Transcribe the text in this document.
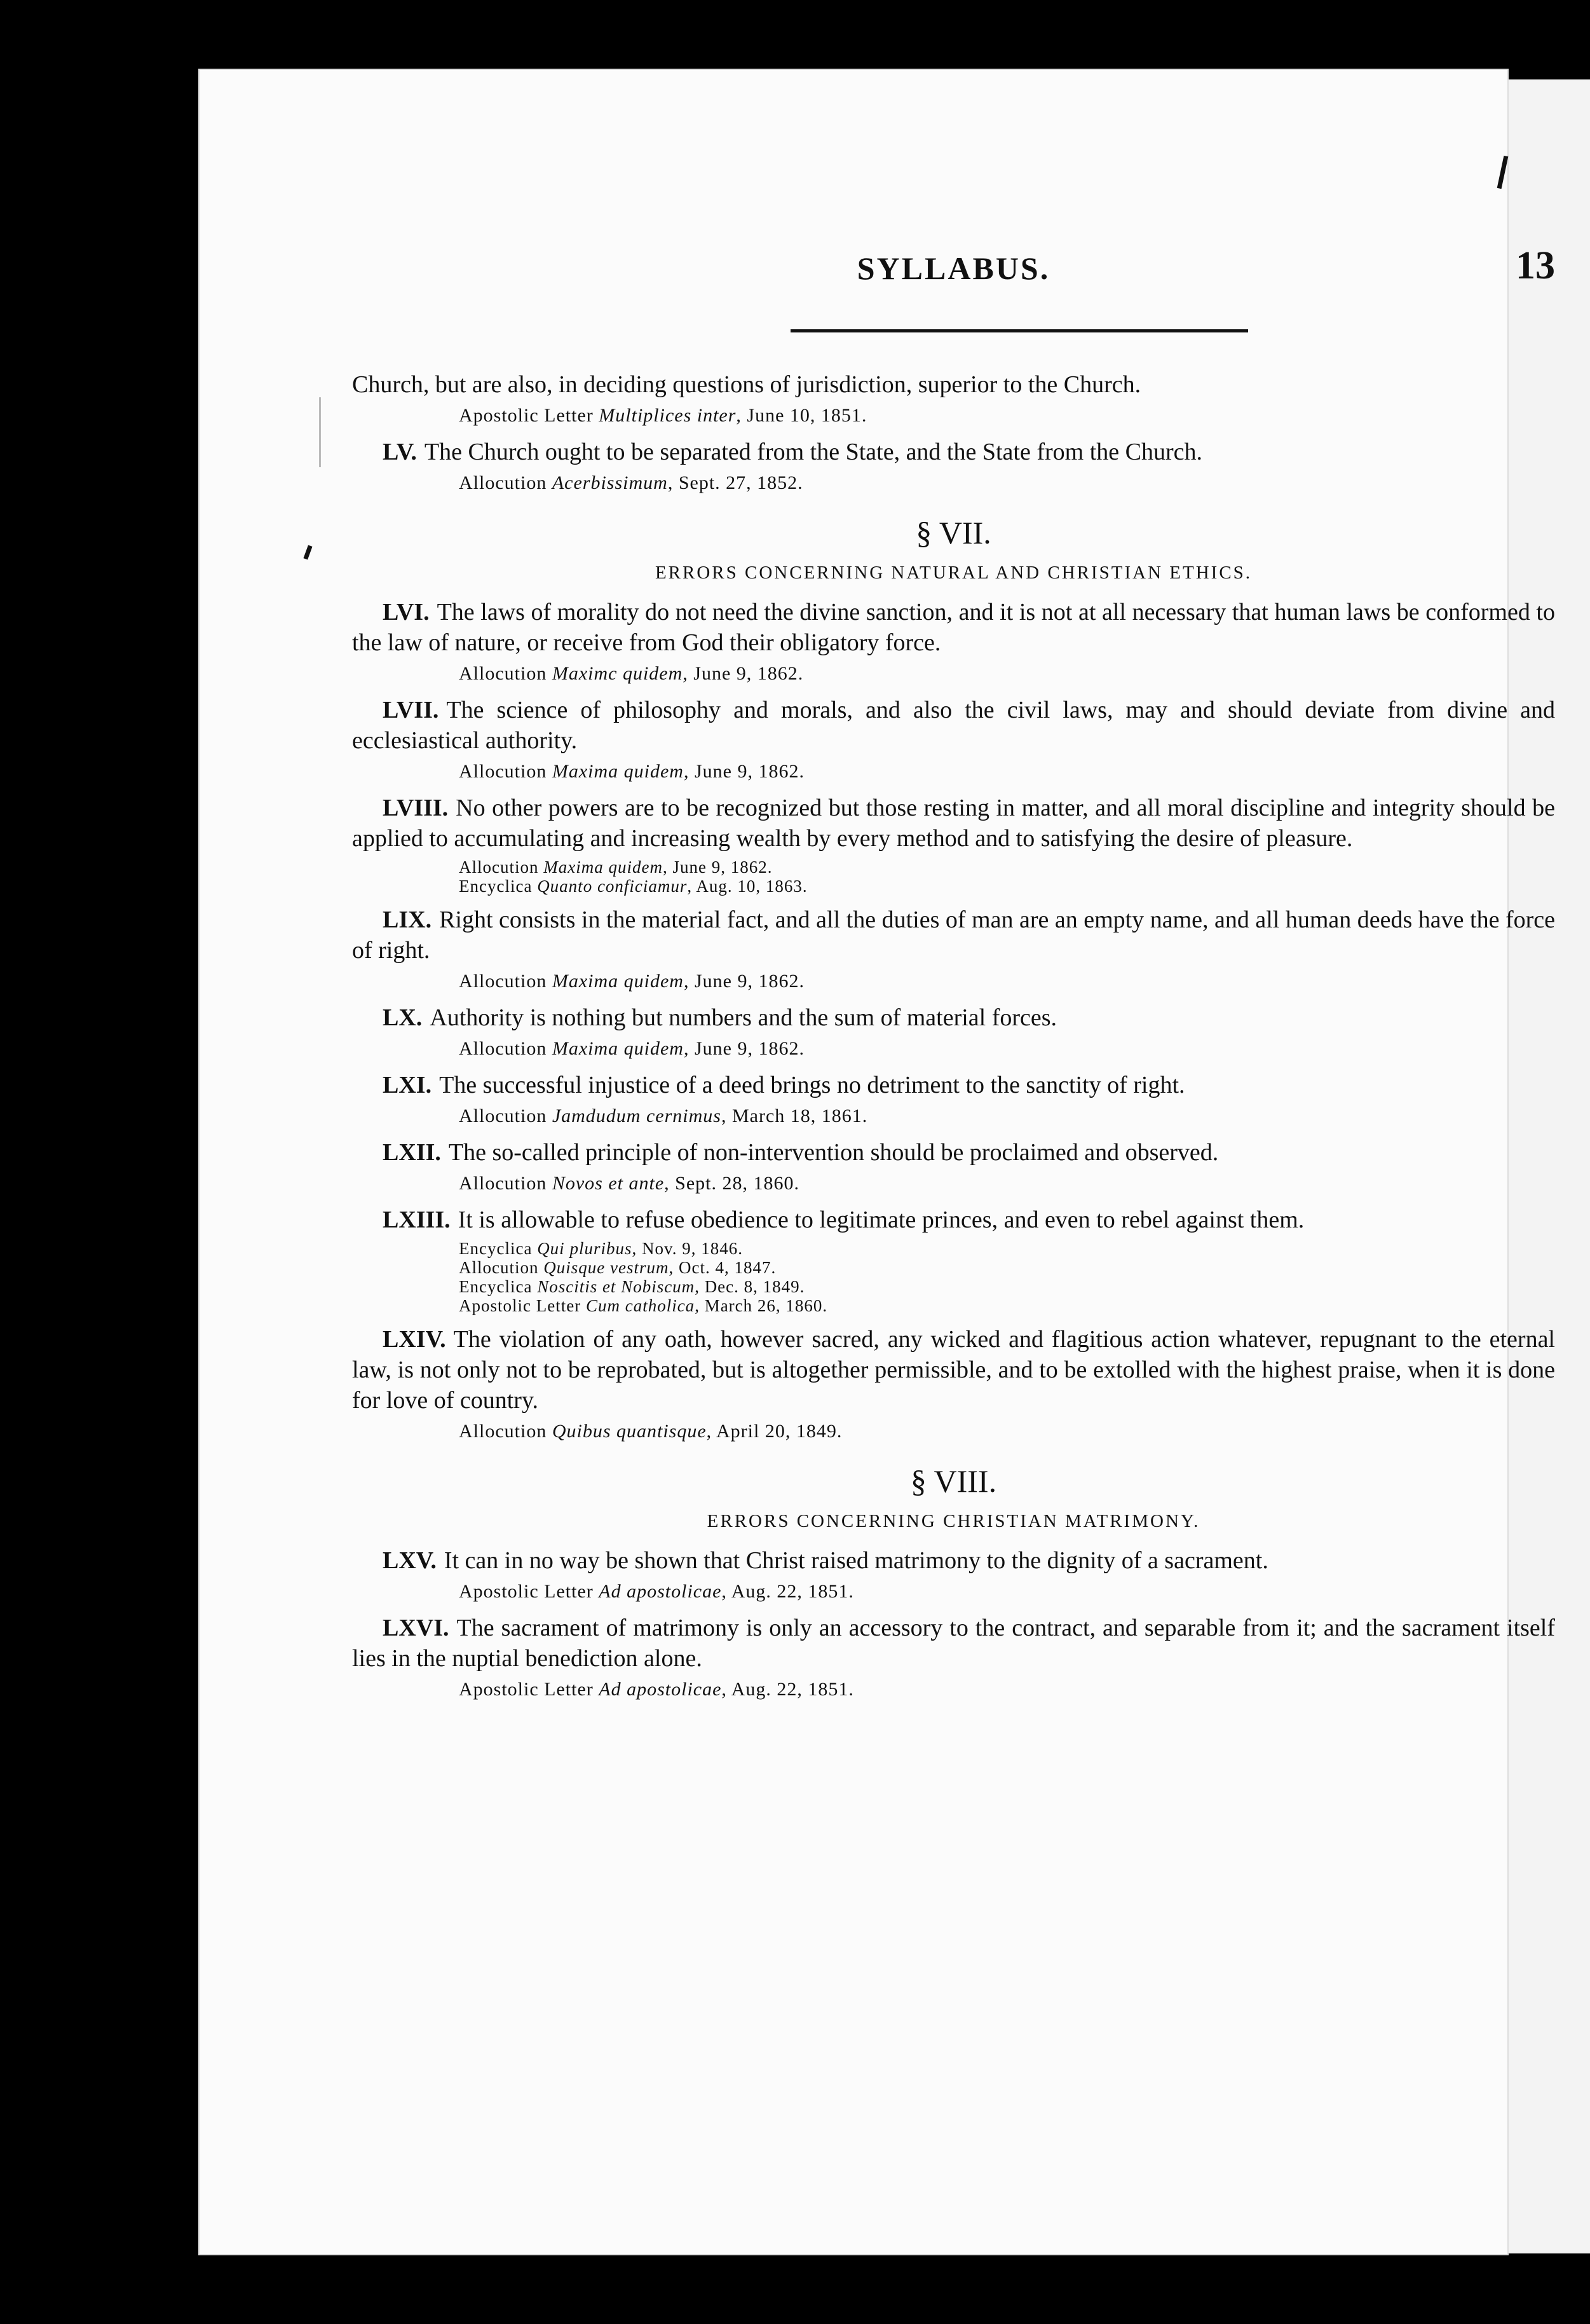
SYLLABUS.	13

Church, but are also, in deciding questions of jurisdiction, superior to the Church.

Apostolic Letter Multiplices inter, June 10, 1851.

LV. The Church ought to be separated from the State, and the State from the Church.

Allocution Acerbissimum, Sept. 27, 1852.
§ VII.
ERRORS CONCERNING NATURAL AND CHRISTIAN ETHICS.

LVI. The laws of morality do not need the divine sanction, and it is not at all necessary that human laws be conformed to the law of nature, or receive from God their obligatory force.

Allocution Maximc quidem, June 9, 1862.

LVII. The science of philosophy and morals, and also the civil laws, may and should deviate from divine and ecclesiastical authority.

Allocution Maxima quidem, June 9, 1862.

LVIII. No other powers are to be recognized but those resting in matter, and all moral discipline and integrity should be applied to accumulating and increasing wealth by every method and to satisfying the desire of pleasure.

Allocution Maxima quidem, June 9, 1862.
Encyclica Quanto conficiamur, Aug. 10, 1863.

LIX. Right consists in the material fact, and all the duties of man are an empty name, and all human deeds have the force of right.

Allocution Maxima quidem, June 9, 1862.

LX. Authority is nothing but numbers and the sum of material forces.

Allocution Maxima quidem, June 9, 1862.

LXI. The successful injustice of a deed brings no detriment to the sanctity of right.

Allocution Jamdudum cernimus, March 18, 1861.

LXII. The so-called principle of non-intervention should be proclaimed and observed.

Allocution Novos et ante, Sept. 28, 1860.

LXIII. It is allowable to refuse obedience to legitimate princes, and even to rebel against them.

Encyclica Qui pluribus, Nov. 9, 1846.
Allocution Quisque vestrum, Oct. 4, 1847.
Encyclica Noscitis et Nobiscum, Dec. 8, 1849.
Apostolic Letter Cum catholica, March 26, 1860.

LXIV. The violation of any oath, however sacred, any wicked and flagitious action whatever, repugnant to the eternal law, is not only not to be reprobated, but is altogether permissible, and to be extolled with the highest praise, when it is done for love of country.

Allocution Quibus quantisque, April 20, 1849.
§ VIII.
ERRORS CONCERNING CHRISTIAN MATRIMONY.

LXV. It can in no way be shown that Christ raised matrimony to the dignity of a sacrament.

Apostolic Letter Ad apostolicae, Aug. 22, 1851.

LXVI. The sacrament of matrimony is only an accessory to the contract, and separable from it; and the sacrament itself lies in the nuptial benediction alone.

Apostolic Letter Ad apostolicae, Aug. 22, 1851.
